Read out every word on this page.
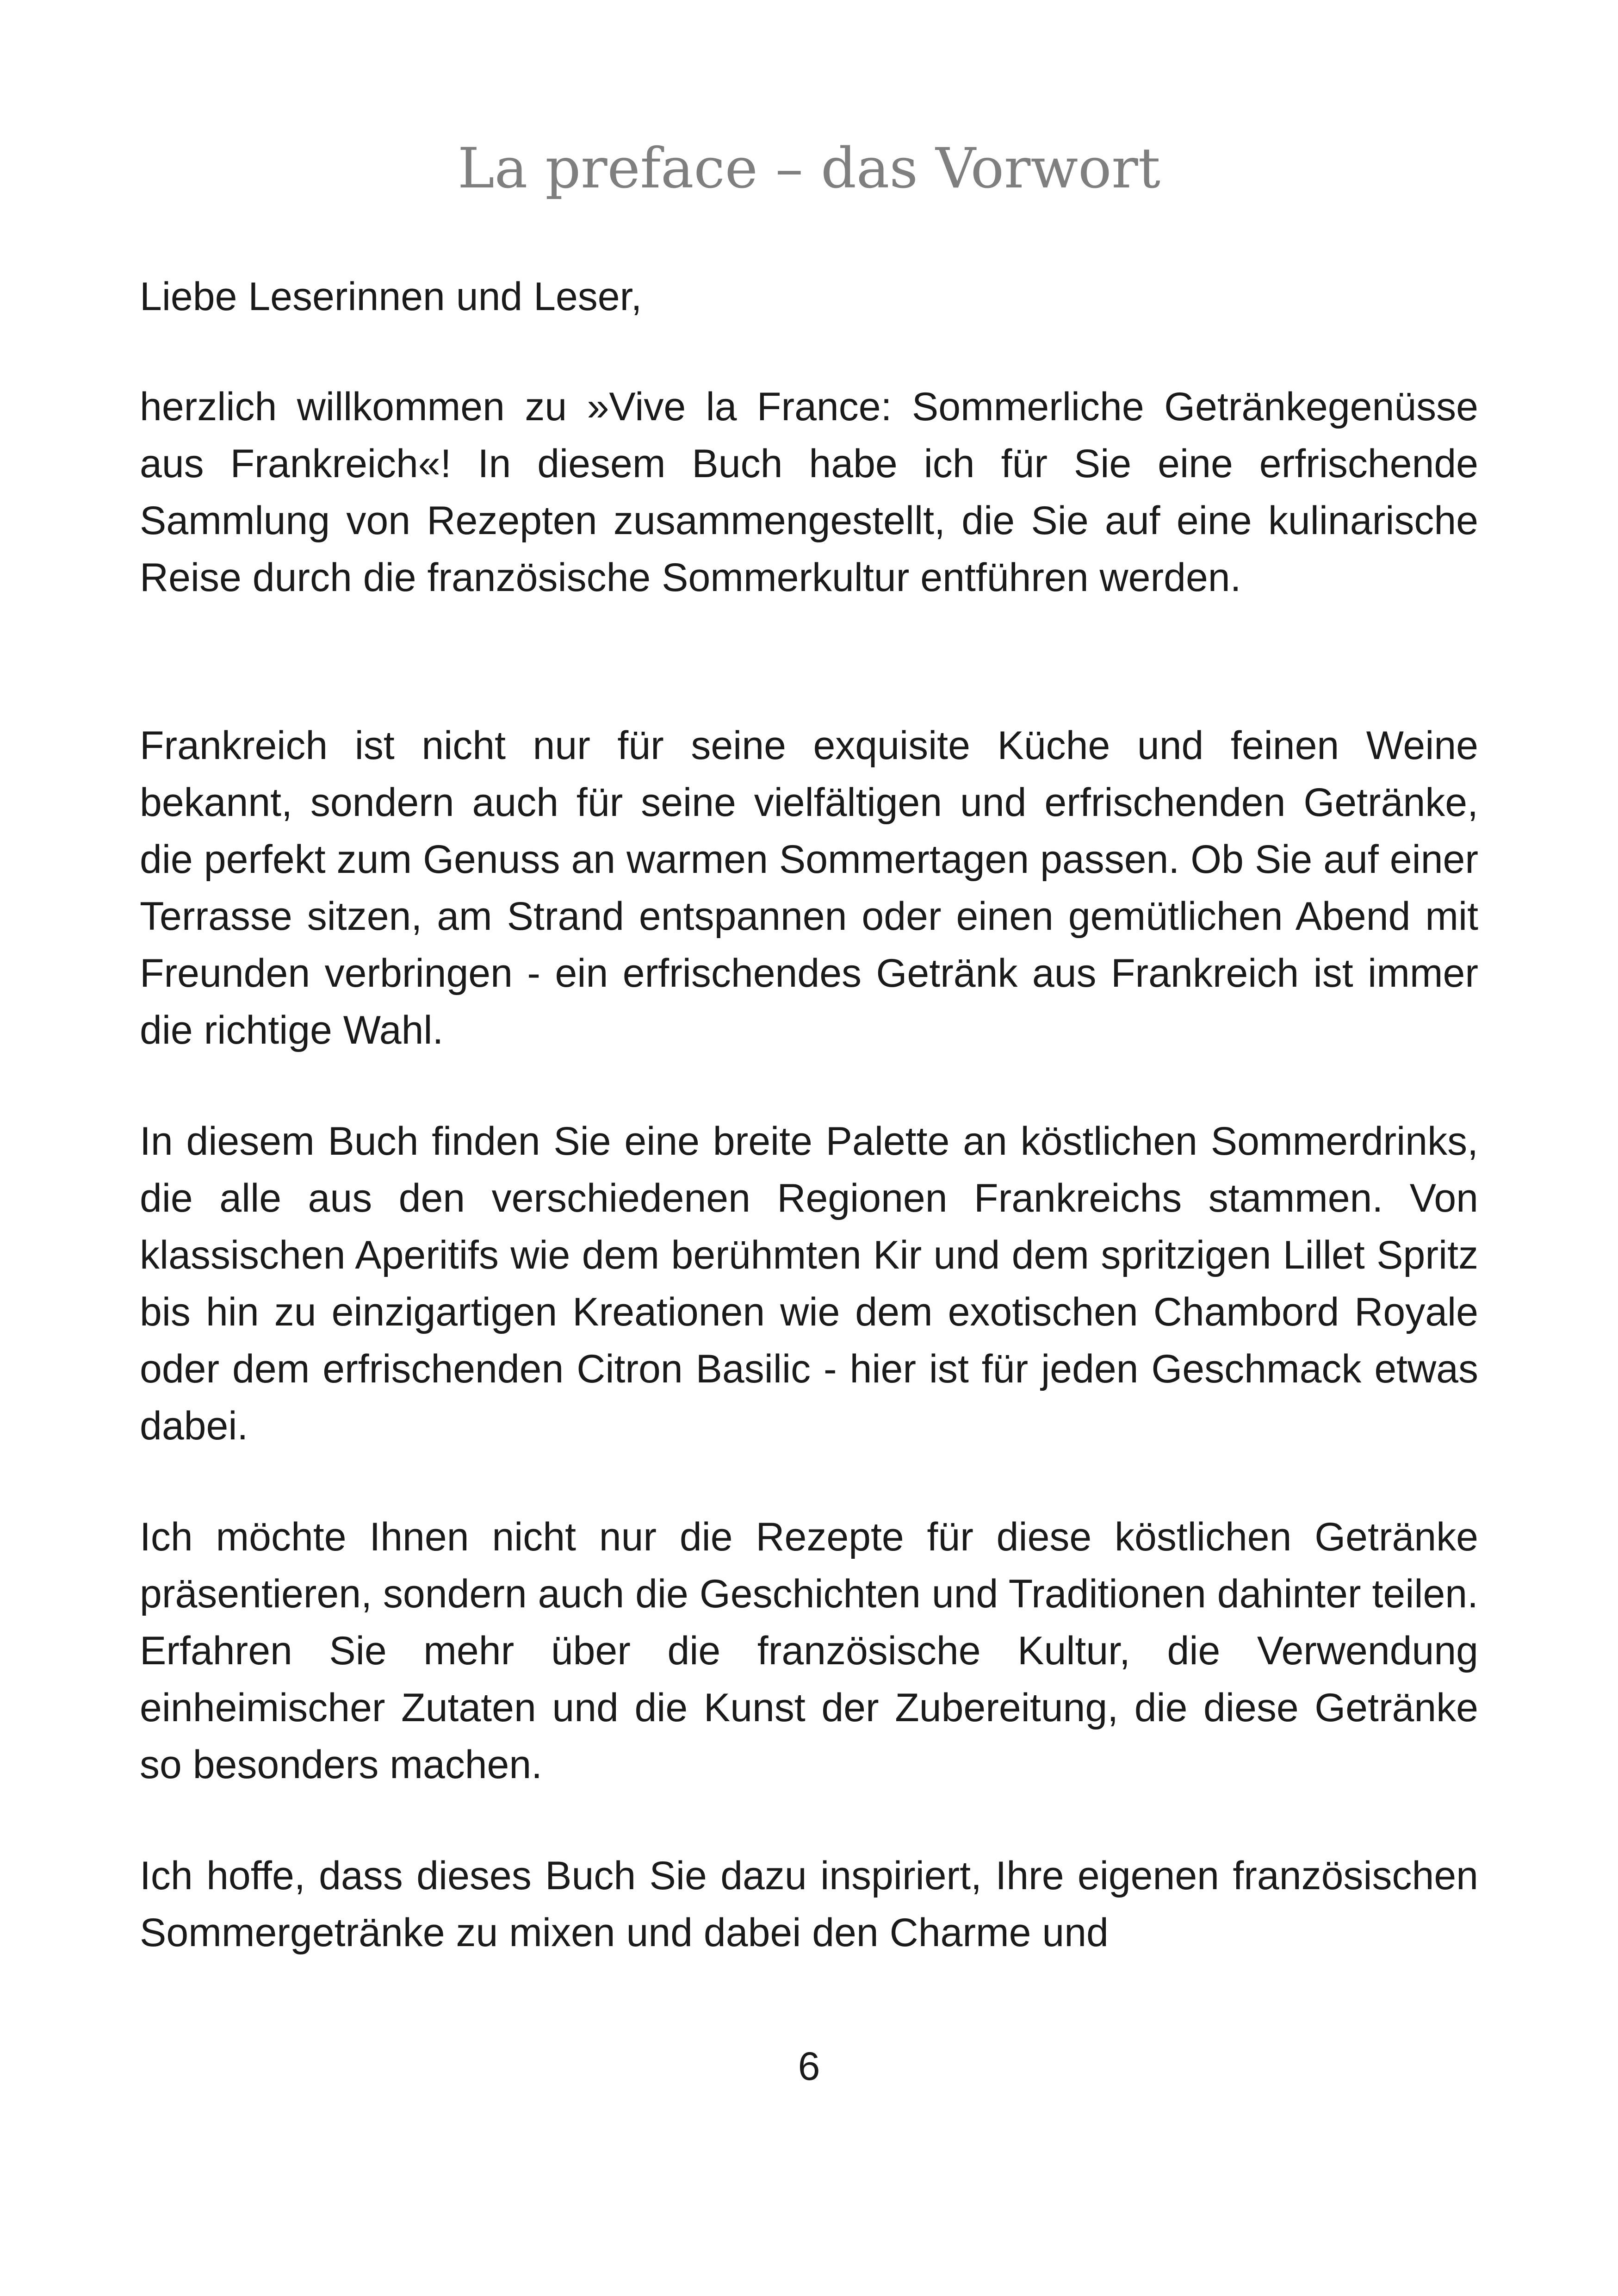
La preface – das Vorwort

Liebe Leserinnen und Leser,

herzlich willkommen zu »Vive la France: Sommerliche Getränkegenüsse aus Frankreich«! In diesem Buch habe ich für Sie eine erfrischende Sammlung von Rezepten zusammengestellt, die Sie auf eine kulinarische Reise durch die französische Sommerkultur entführen werden.

Frankreich ist nicht nur für seine exquisite Küche und feinen Weine bekannt, sondern auch für seine vielfältigen und erfrischenden Getränke, die perfekt zum Genuss an warmen Sommertagen passen. Ob Sie auf einer Terrasse sitzen, am Strand entspannen oder einen gemütlichen Abend mit Freunden verbringen - ein erfrischendes Getränk aus Frankreich ist immer die richtige Wahl.

In diesem Buch finden Sie eine breite Palette an köstlichen Sommerdrinks, die alle aus den verschiedenen Regionen Frankreichs stammen. Von klassischen Aperitifs wie dem berühmten Kir und dem spritzigen Lillet Spritz bis hin zu einzigartigen Kreationen wie dem exotischen Chambord Royale oder dem erfrischenden Citron Basilic - hier ist für jeden Geschmack etwas dabei.

Ich möchte Ihnen nicht nur die Rezepte für diese köstlichen Getränke präsentieren, sondern auch die Geschichten und Traditionen dahinter teilen. Erfahren Sie mehr über die französische Kultur, die Verwendung einheimischer Zutaten und die Kunst der Zubereitung, die diese Getränke so besonders machen.

Ich hoffe, dass dieses Buch Sie dazu inspiriert, Ihre eigenen französischen Sommergetränke zu mixen und dabei den Charme und

6
